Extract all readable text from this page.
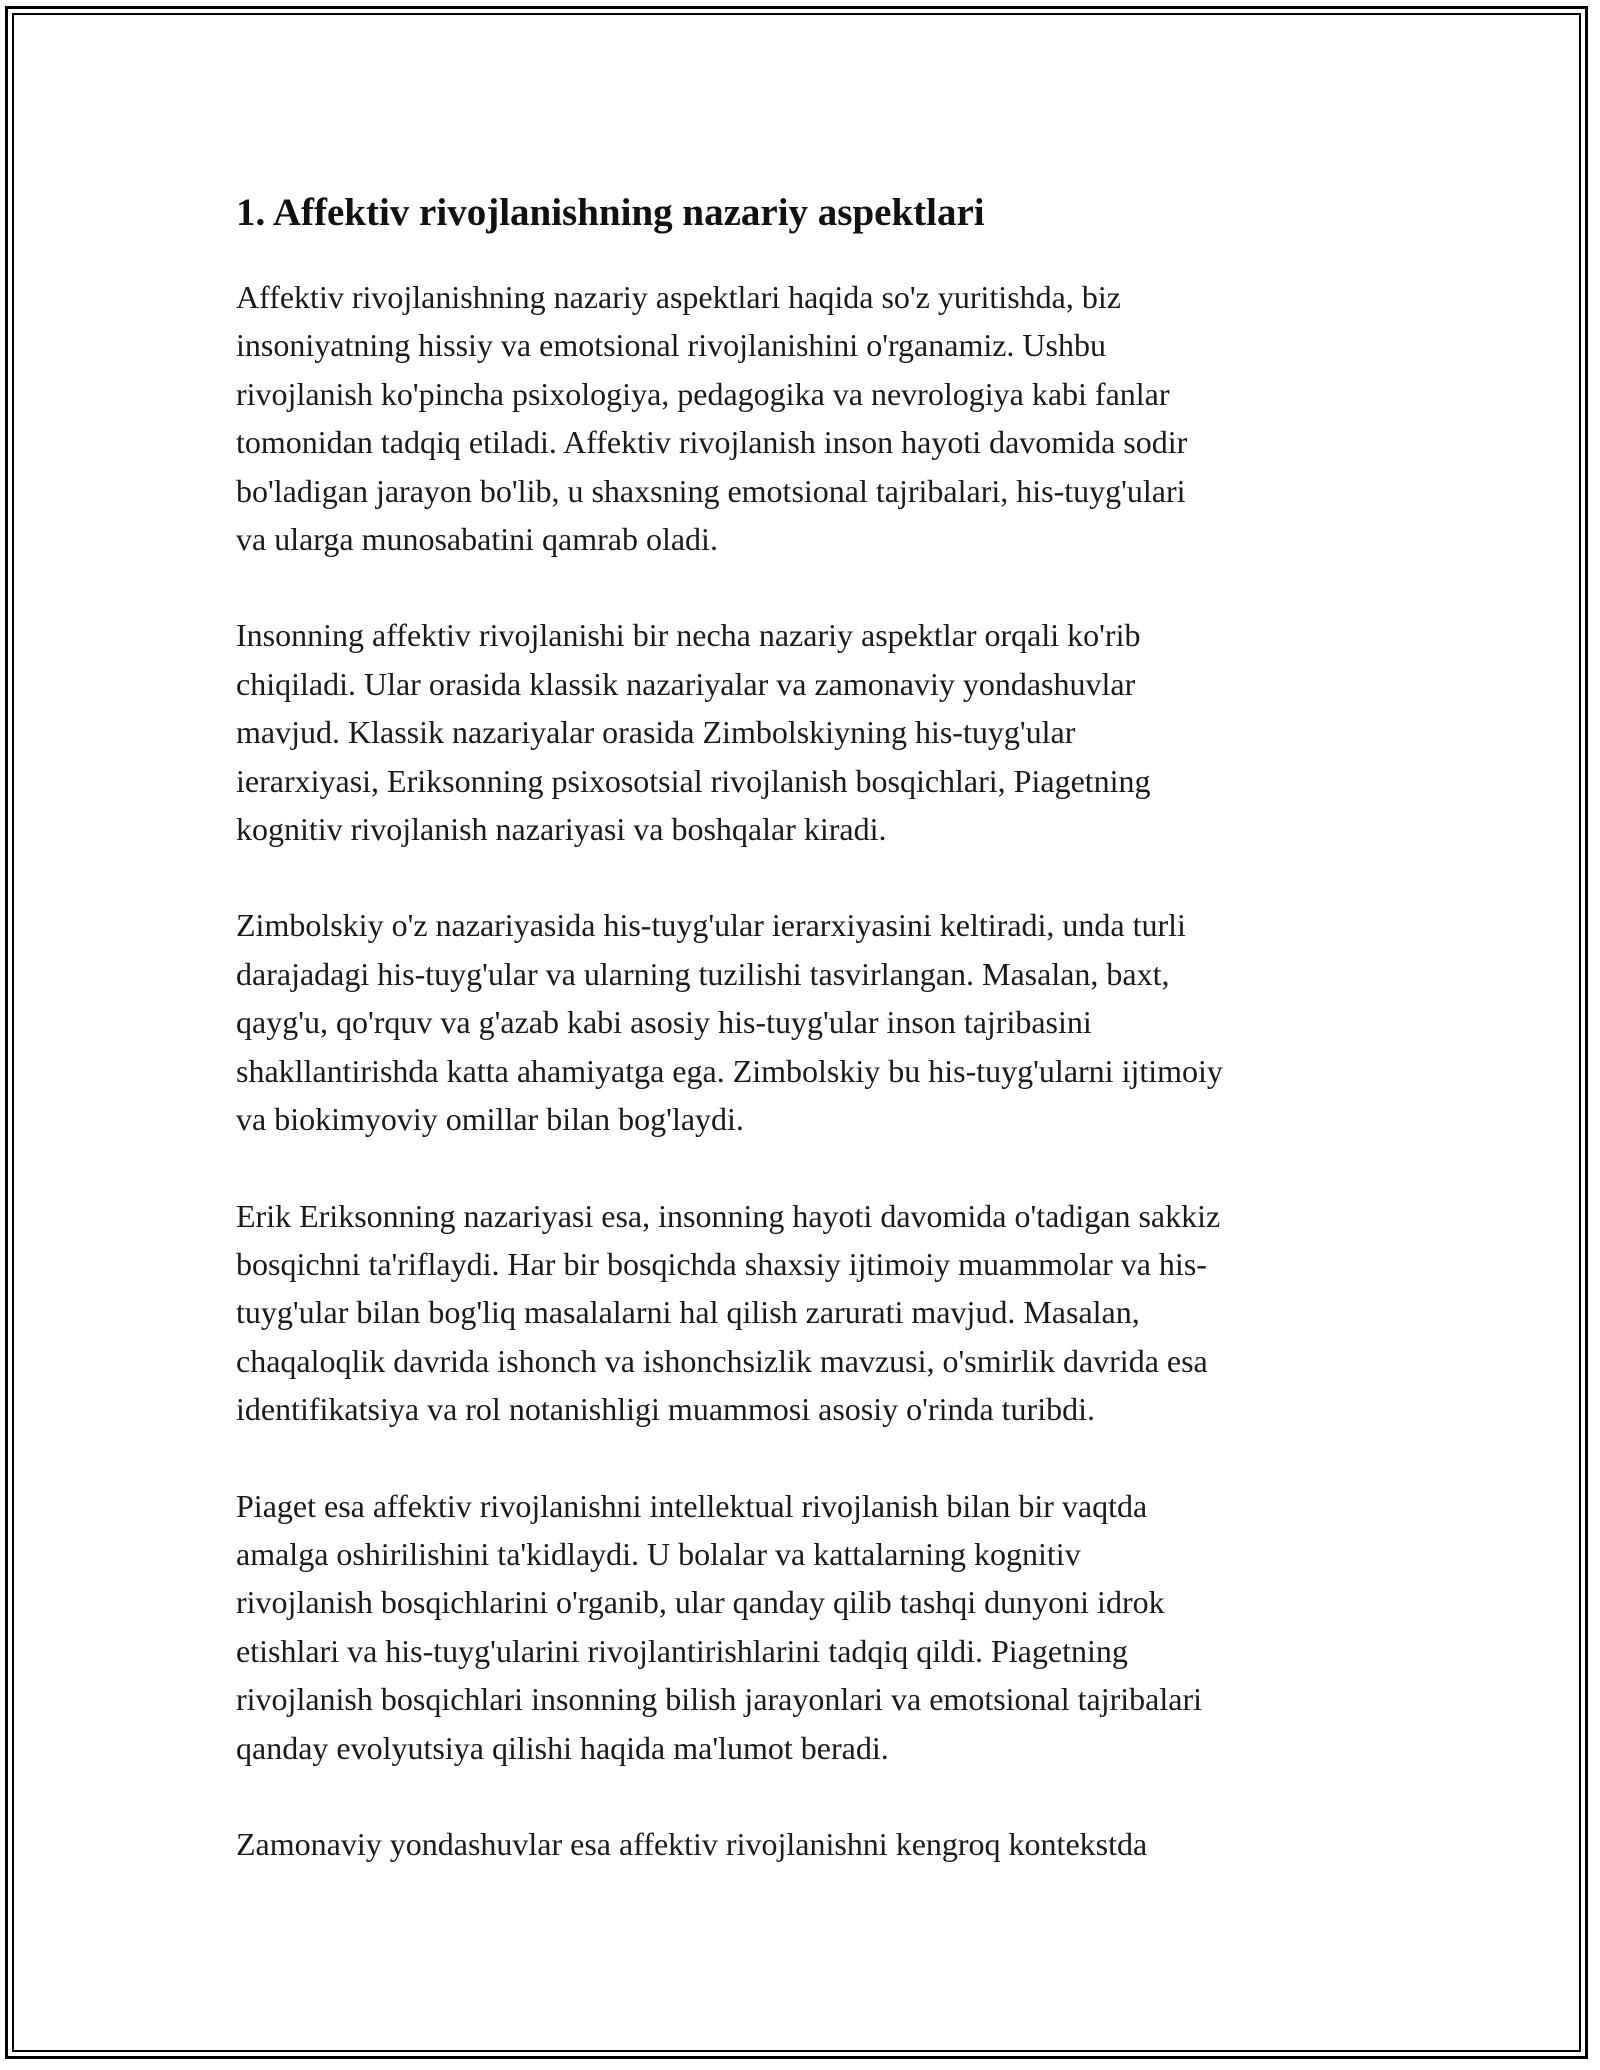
1. Affektiv rivojlanishning nazariy aspektlari

Affektiv rivojlanishning nazariy aspektlari haqida so'z yuritishda, biz
insoniyatning hissiy va emotsional rivojlanishini o'rganamiz. Ushbu
rivojlanish ko'pincha psixologiya, pedagogika va nevrologiya kabi fanlar
tomonidan tadqiq etiladi. Affektiv rivojlanish inson hayoti davomida sodir
bo'ladigan jarayon bo'lib, u shaxsning emotsional tajribalari, his-tuyg'ulari
va ularga munosabatini qamrab oladi.

Insonning affektiv rivojlanishi bir necha nazariy aspektlar orqali ko'rib
chiqiladi. Ular orasida klassik nazariyalar va zamonaviy yondashuvlar
mavjud. Klassik nazariyalar orasida Zimbolskiyning his-tuyg'ular
ierarxiyasi, Eriksonning psixosotsial rivojlanish bosqichlari, Piagetning
kognitiv rivojlanish nazariyasi va boshqalar kiradi.

Zimbolskiy o'z nazariyasida his-tuyg'ular ierarxiyasini keltiradi, unda turli
darajadagi his-tuyg'ular va ularning tuzilishi tasvirlangan. Masalan, baxt,
qayg'u, qo'rquv va g'azab kabi asosiy his-tuyg'ular inson tajribasini
shakllantirishda katta ahamiyatga ega. Zimbolskiy bu his-tuyg'ularni ijtimoiy
va biokimyoviy omillar bilan bog'laydi.

Erik Eriksonning nazariyasi esa, insonning hayoti davomida o'tadigan sakkiz
bosqichni ta'riflaydi. Har bir bosqichda shaxsiy ijtimoiy muammolar va his-
tuyg'ular bilan bog'liq masalalarni hal qilish zarurati mavjud. Masalan,
chaqaloqlik davrida ishonch va ishonchsizlik mavzusi, o'smirlik davrida esa
identifikatsiya va rol notanishligi muammosi asosiy o'rinda turibdi.

Piaget esa affektiv rivojlanishni intellektual rivojlanish bilan bir vaqtda
amalga oshirilishini ta'kidlaydi. U bolalar va kattalarning kognitiv
rivojlanish bosqichlarini o'rganib, ular qanday qilib tashqi dunyoni idrok
etishlari va his-tuyg'ularini rivojlantirishlarini tadqiq qildi. Piagetning
rivojlanish bosqichlari insonning bilish jarayonlari va emotsional tajribalari
qanday evolyutsiya qilishi haqida ma'lumot beradi.

Zamonaviy yondashuvlar esa affektiv rivojlanishni kengroq kontekstda
